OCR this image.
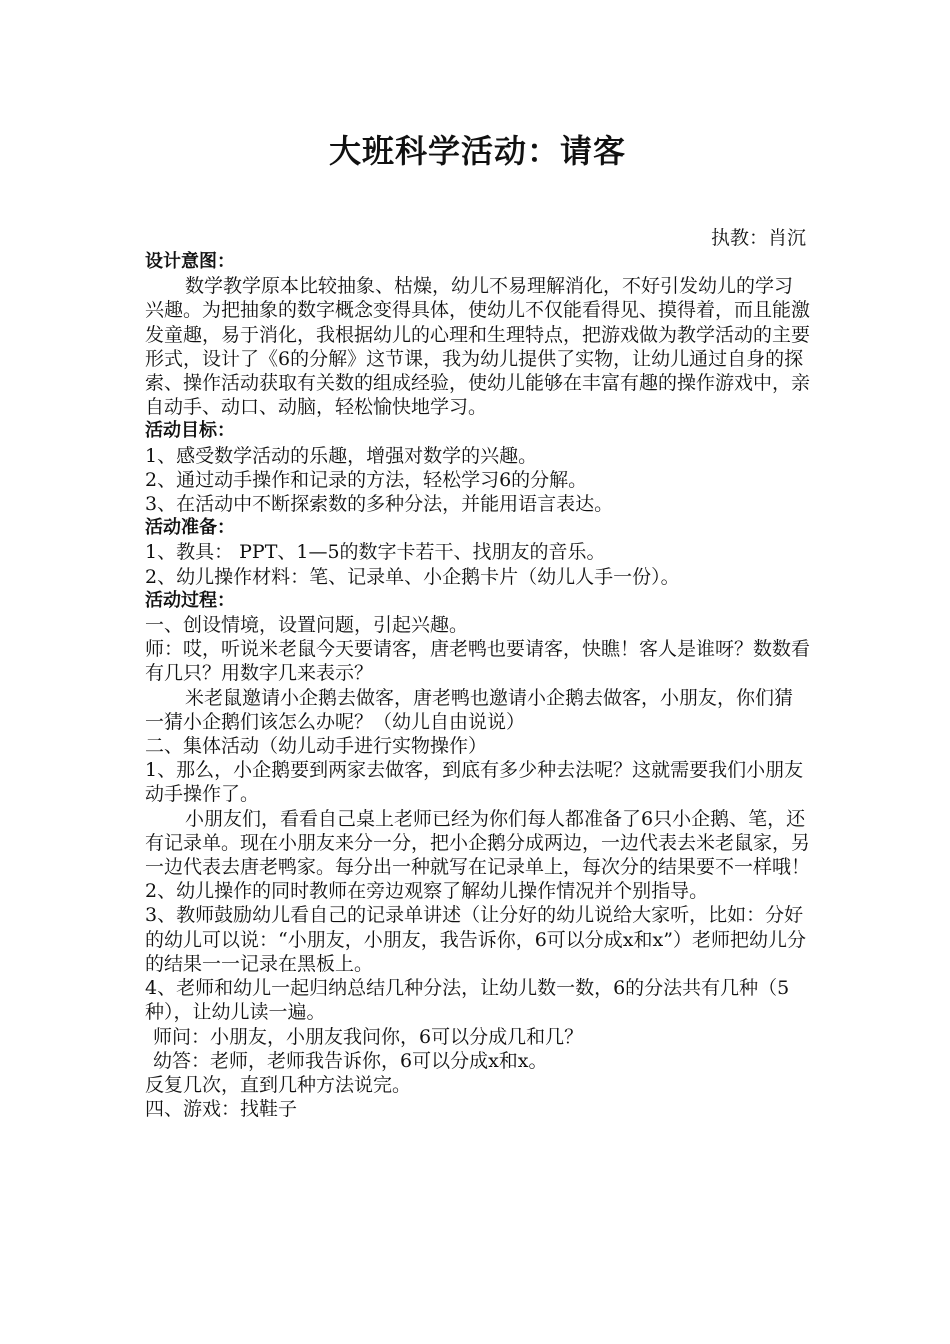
大班科学活动：请客
执教：肖沉

设计意图：

数学教学原本比较抽象、枯燥，幼儿不易理解消化，不好引发幼儿的学习兴趣。为把抽象的数字概念变得具体，使幼儿不仅能看得见、摸得着，而且能激发童趣，易于消化，我根据幼儿的心理和生理特点，把游戏做为教学活动的主要形式，设计了《6的分解》这节课，我为幼儿提供了实物，让幼儿通过自身的探索、操作活动获取有关数的组成经验，使幼儿能够在丰富有趣的操作游戏中，亲自动手、动口、动脑，轻松愉快地学习。

活动目标：

1、感受数学活动的乐趣，增强对数学的兴趣。

2、通过动手操作和记录的方法，轻松学习6的分解。

3、在活动中不断探索数的多种分法，并能用语言表达。

活动准备：

1、教具： PPT、1—5的数字卡若干、找朋友的音乐。

2、幼儿操作材料：笔、记录单、小企鹅卡片（幼儿人手一份）。

活动过程：

一、创设情境，设置问题，引起兴趣。

师：哎，听说米老鼠今天要请客，唐老鸭也要请客，快瞧！客人是谁呀？数数看有几只？用数字几来表示？

米老鼠邀请小企鹅去做客，唐老鸭也邀请小企鹅去做客，小朋友，你们猜一猜小企鹅们该怎么办呢？（幼儿自由说说）

二、集体活动（幼儿动手进行实物操作）

1、那么，小企鹅要到两家去做客，到底有多少种去法呢？这就需要我们小朋友动手操作了。

小朋友们，看看自己桌上老师已经为你们每人都准备了6只小企鹅、笔，还有记录单。现在小朋友来分一分，把小企鹅分成两边，一边代表去米老鼠家，另一边代表去唐老鸭家。每分出一种就写在记录单上，每次分的结果要不一样哦！

2、幼儿操作的同时教师在旁边观察了解幼儿操作情况并个别指导。

3、教师鼓励幼儿看自己的记录单讲述（让分好的幼儿说给大家听，比如：分好的幼儿可以说：“小朋友，小朋友，我告诉你，6可以分成x和x”）老师把幼儿分的结果一一记录在黑板上。

4、老师和幼儿一起归纳总结几种分法，让幼儿数一数，6的分法共有几种（5种），让幼儿读一遍。

师问：小朋友，小朋友我问你，6可以分成几和几？

幼答：老师，老师我告诉你，6可以分成x和x。

反复几次，直到几种方法说完。

四、游戏：找鞋子
